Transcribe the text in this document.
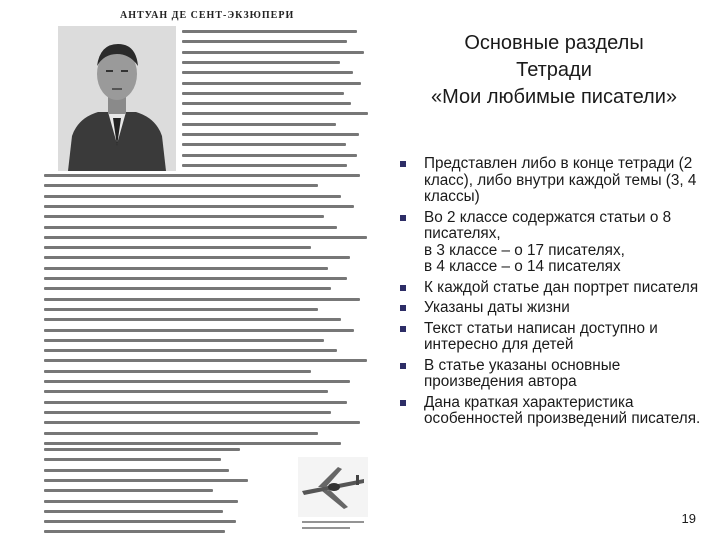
АНТУАН ДЕ СЕНТ-ЭКЗЮПЕРИ
Основные разделы
Тетради
«Мои любимые писатели»
Представлен либо в конце тетради (2 класс), либо внутри каждой темы (3, 4 классы)
Во 2 классе содержатся статьи о 8 писателях,
в 3 классе – о 17 писателях,
в 4 классе – о 14 писателях
К каждой статье дан портрет писателя
Указаны даты жизни
Текст статьи написан доступно и интересно для детей
В статье указаны основные произведения автора
Дана краткая характеристика особенностей произведений писателя.
19
